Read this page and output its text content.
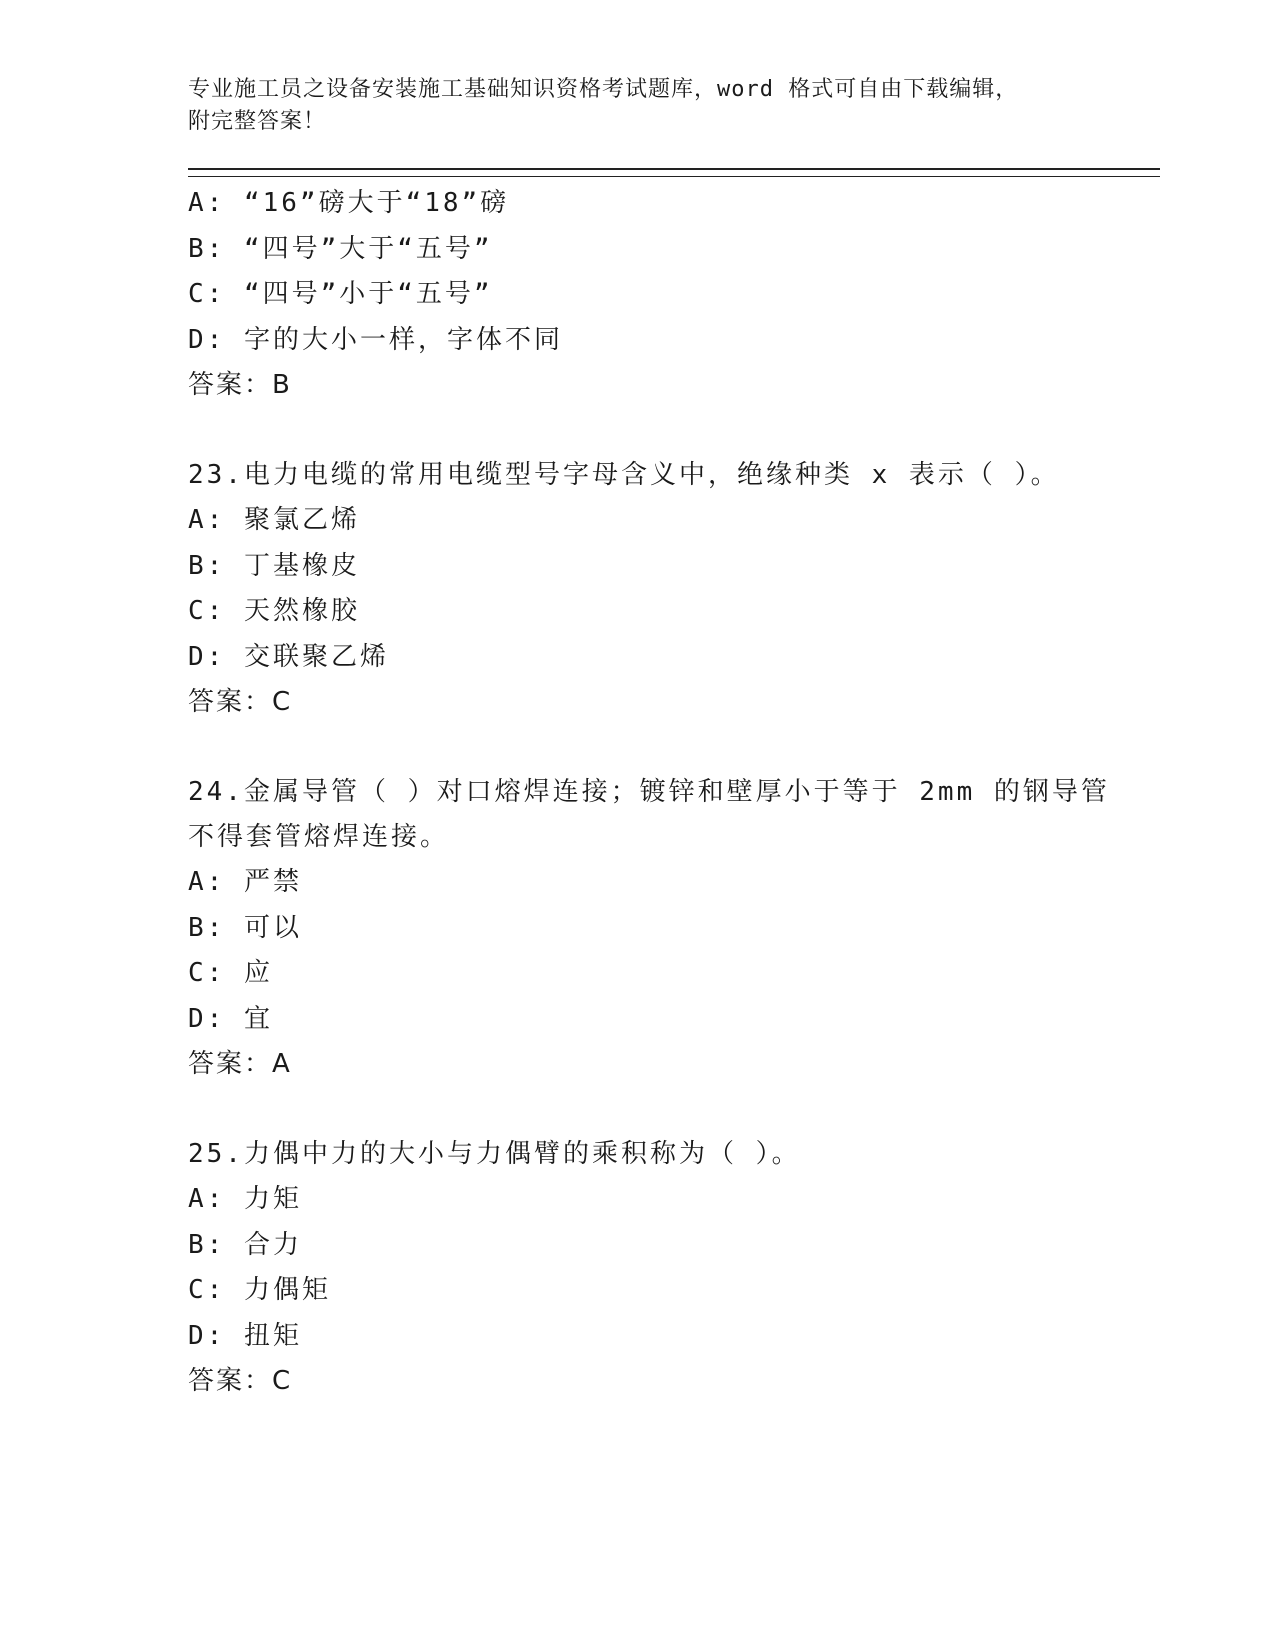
专业施工员之设备安装施工基础知识资格考试题库，word 格式可自由下载编辑，

附完整答案！

A: “16”磅大于“18”磅

B: “四号”大于“五号”

C: “四号”小于“五号”

D: 字的大小一样，字体不同

答案：B

23.电力电缆的常用电缆型号字母含义中，绝缘种类 x 表示（ ）。

A: 聚氯乙烯

B: 丁基橡皮

C: 天然橡胶

D: 交联聚乙烯

答案：C

24.金属导管（ ）对口熔焊连接；镀锌和壁厚小于等于 2mm 的钢导管

不得套管熔焊连接。

A: 严禁

B: 可以

C: 应

D: 宜

答案：A

25.力偶中力的大小与力偶臂的乘积称为（ ）。

A: 力矩

B: 合力

C: 力偶矩

D: 扭矩

答案：C
